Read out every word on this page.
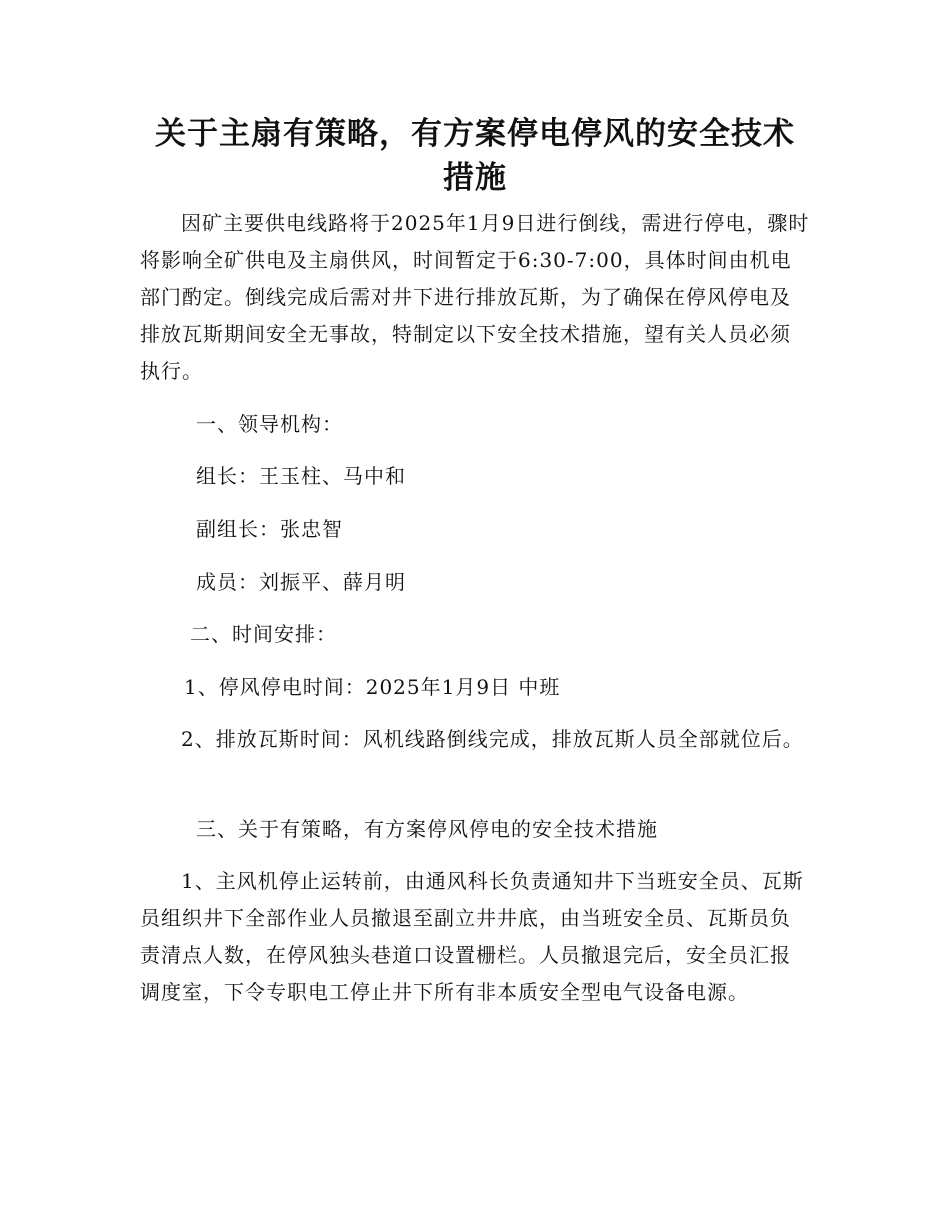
关于主扇有策略，有方案停电停风的安全技术措施

因矿主要供电线路将于2025年1月9日进行倒线，需进行停电，骤时将影响全矿供电及主扇供风，时间暂定于6:30-7:00，具体时间由机电部门酌定。倒线完成后需对井下进行排放瓦斯，为了确保在停风停电及排放瓦斯期间安全无事故，特制定以下安全技术措施，望有关人员必须执行。

一、领导机构：

组长：王玉柱、马中和

副组长：张忠智

成员：刘振平、薛月明

二、时间安排：

1、停风停电时间：2025年1月9日 中班

2、排放瓦斯时间：风机线路倒线完成，排放瓦斯人员全部就位后。

三、关于有策略，有方案停风停电的安全技术措施

1、主风机停止运转前，由通风科长负责通知井下当班安全员、瓦斯员组织井下全部作业人员撤退至副立井井底，由当班安全员、瓦斯员负责清点人数，在停风独头巷道口设置栅栏。人员撤退完后，安全员汇报调度室，下令专职电工停止井下所有非本质安全型电气设备电源。
